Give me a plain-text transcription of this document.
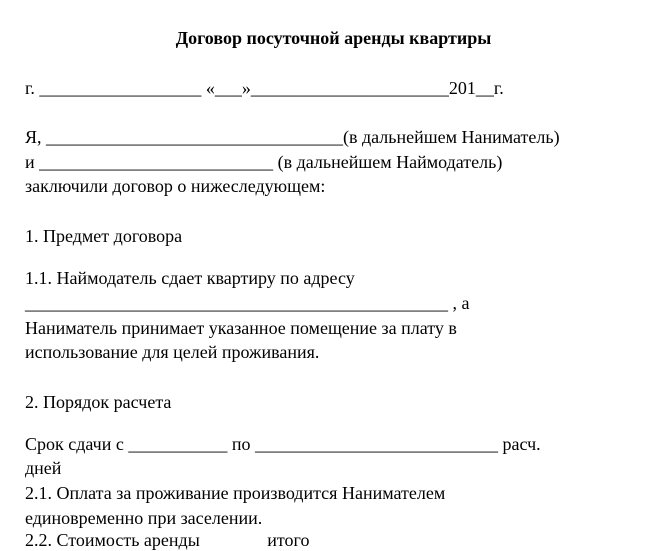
Договор посуточной аренды квартиры
г. __________________ «___»______________________201__г.
Я, _________________________________(в дальнейшем Наниматель)
и __________________________ (в дальнейшем Наймодатель)
заключили договор о нижеследующем:
1. Предмет договора
1.1. Наймодатель сдает квартиру по адресу
_______________________________________________ , а
Наниматель принимает указанное помещение за плату в
использование для целей проживания.
2. Порядок расчета
Срок сдачи с ___________ по ___________________________ расч.
дней
2.1. Оплата за проживание производится Нанимателем
единовременно при заселении.
2.2. Стоимость аренды               итого
